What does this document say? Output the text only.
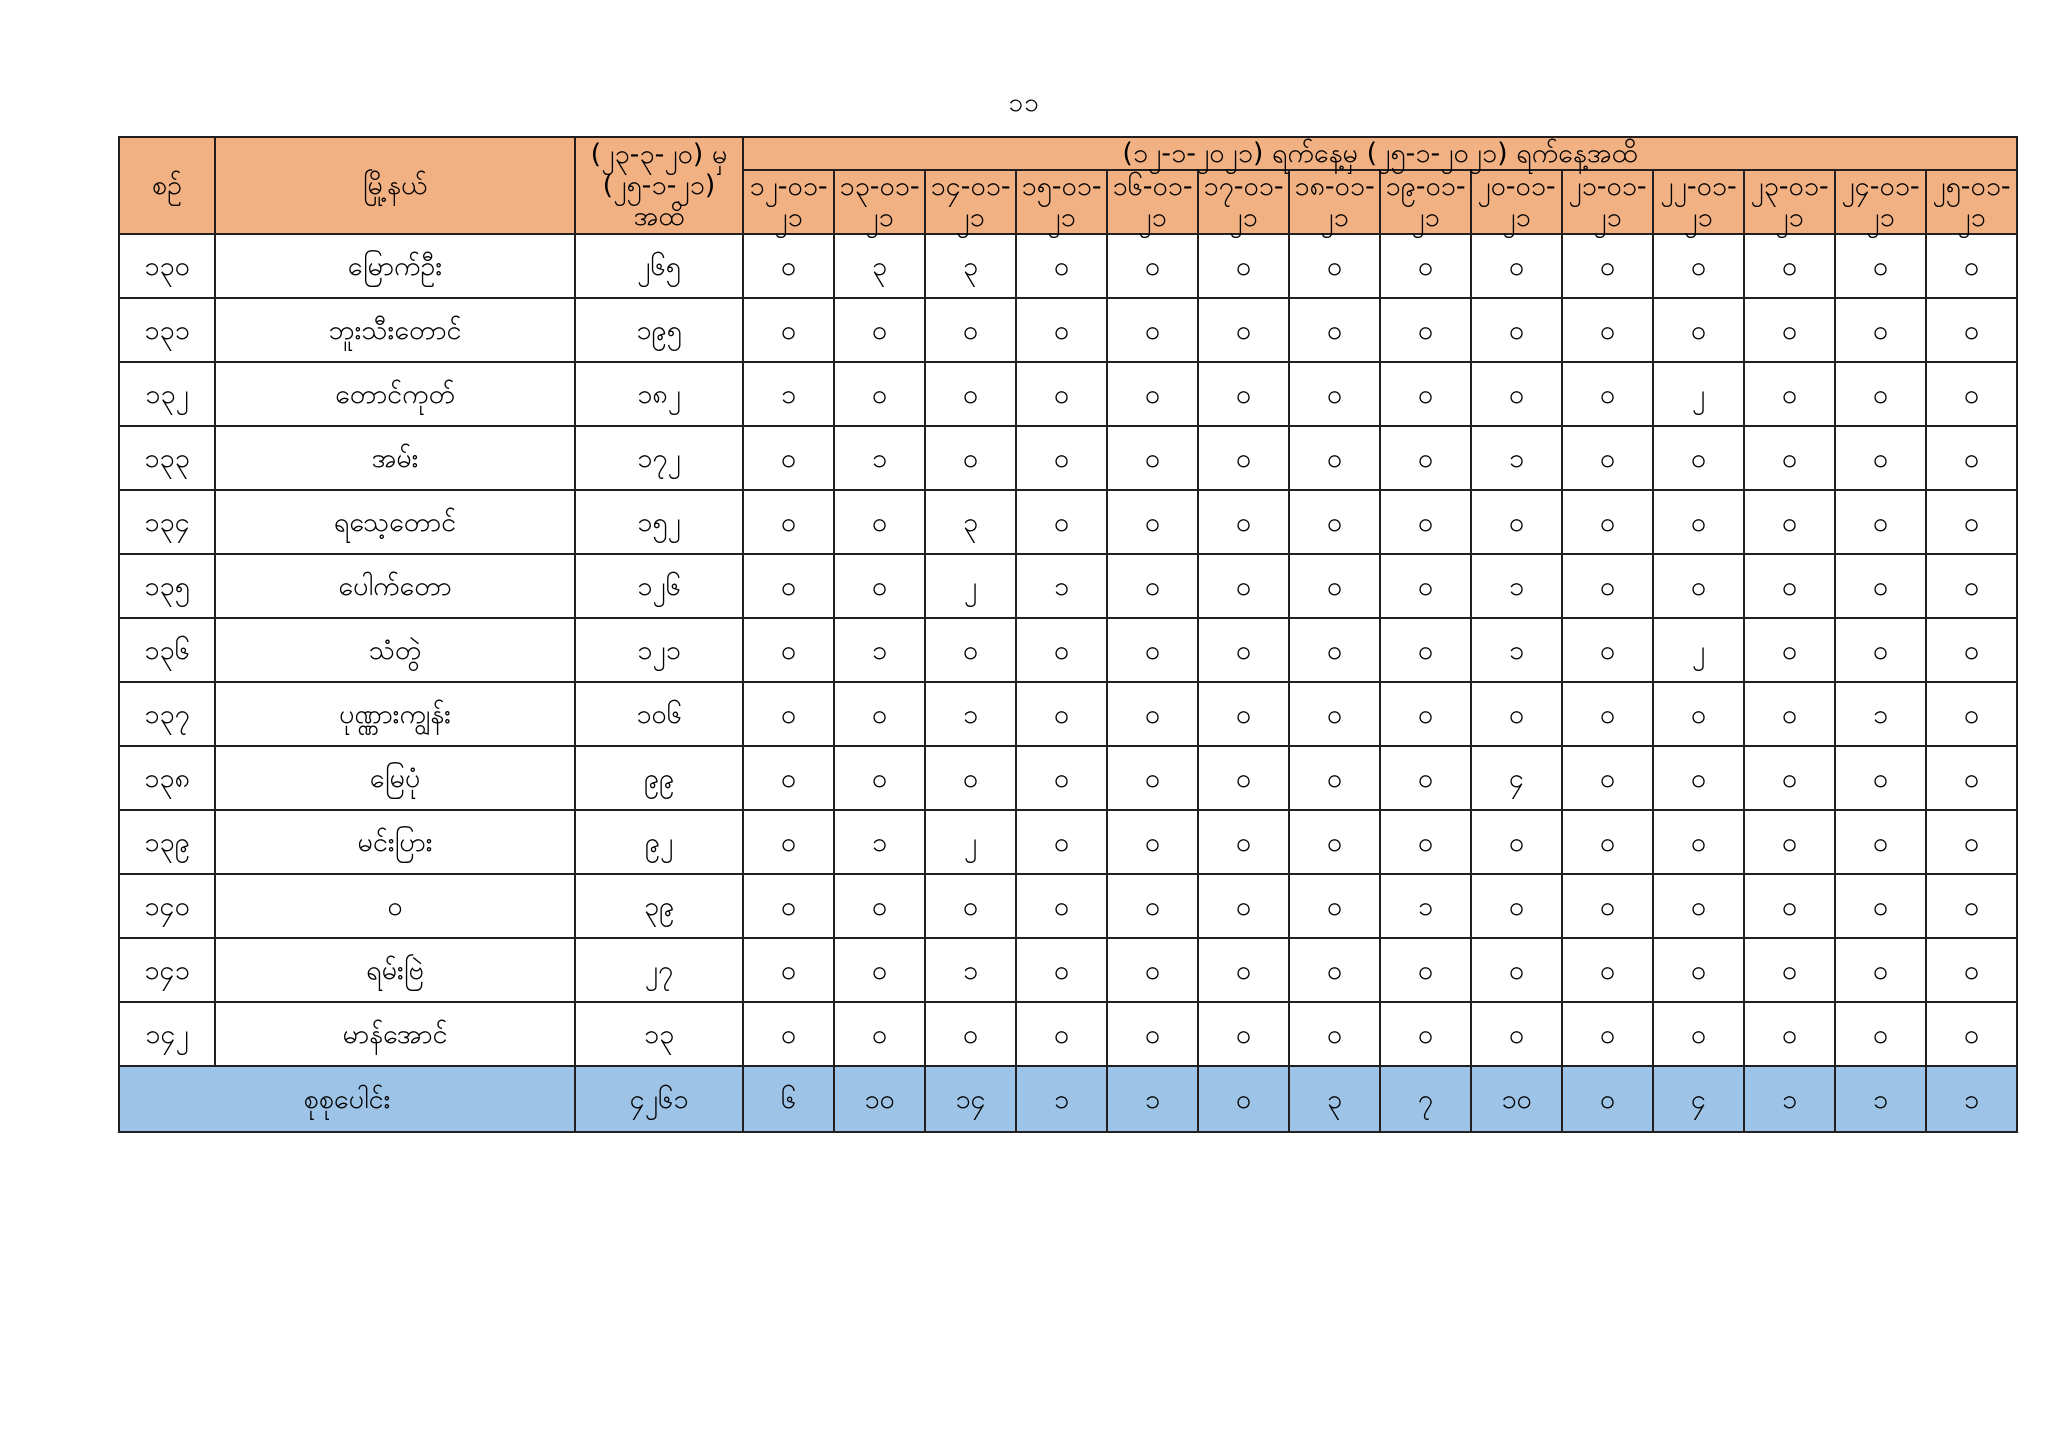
၁၁
စဉ်	မြို့နယ်	(၂၃-၃-၂၀) မှ (၂၅-၁-၂၁) အထိ	(၁၂-၁-၂၀၂၁) ရက်နေ့မှ (၂၅-၁-၂၀၂၁) ရက်နေ့အထိ													
			၁၂-၀၁-၂၁	၁၃-၀၁-၂၁	၁၄-၀၁-၂၁	၁၅-၀၁-၂၁	၁၆-၀၁-၂၁	၁၇-၀၁-၂၁	၁၈-၀၁-၂၁	၁၉-၀၁-၂၁	၂၀-၀၁-၂၁	၂၁-၀၁-၂၁	၂၂-၀၁-၂၁	၂၃-၀၁-၂၁	၂၄-၀၁-၂၁	၂၅-၀၁-၂၁
၁၃၀	မြောက်ဦး	၂၆၅	၀	၃	၃	၀	၀	၀	၀	၀	၀	၀	၀	၀	၀	၀
၁၃၁	ဘူးသီးတောင်	၁၉၅	၀	၀	၀	၀	၀	၀	၀	၀	၀	၀	၀	၀	၀	၀
၁၃၂	တောင်ကုတ်	၁၈၂	၁	၀	၀	၀	၀	၀	၀	၀	၀	၀	၂	၀	၀	၀
၁၃၃	အမ်း	၁၇၂	၀	၁	၀	၀	၀	၀	၀	၀	၁	၀	၀	၀	၀	၀
၁၃၄	ရသေ့တောင်	၁၅၂	၀	၀	၃	၀	၀	၀	၀	၀	၀	၀	၀	၀	၀	၀
၁၃၅	ပေါက်တော	၁၂၆	၀	၀	၂	၁	၀	၀	၀	၀	၁	၀	၀	၀	၀	၀
၁၃၆	သံတွဲ	၁၂၁	၀	၁	၀	၀	၀	၀	၀	၀	၁	၀	၂	၀	၀	၀
၁၃၇	ပုဏ္ဏားကျွန်း	၁၀၆	၀	၀	၁	၀	၀	၀	၀	၀	၀	၀	၀	၀	၁	၀
၁၃၈	မြေပုံ	၉၉	၀	၀	၀	၀	၀	၀	၀	၀	၄	၀	၀	၀	၀	၀
၁၃၉	မင်းပြား	၉၂	၀	၁	၂	၀	၀	၀	၀	၀	၀	၀	၀	၀	၀	၀
၁၄၀	ဝ	၃၉	၀	၀	၀	၀	၀	၀	၀	၁	၀	၀	၀	၀	၀	၀
၁၄၁	ရမ်းဗြဲ	၂၇	၀	၀	၁	၀	၀	၀	၀	၀	၀	၀	၀	၀	၀	၀
၁၄၂	မာန်အောင်	၁၃	၀	၀	၀	၀	၀	၀	၀	၀	၀	၀	၀	၀	၀	၀
စုစုပေါင်း		၄၂၆၁	၆	၁၀	၁၄	၁	၁	၀	၃	၇	၁၀	၀	၄	၁	၁	၁
